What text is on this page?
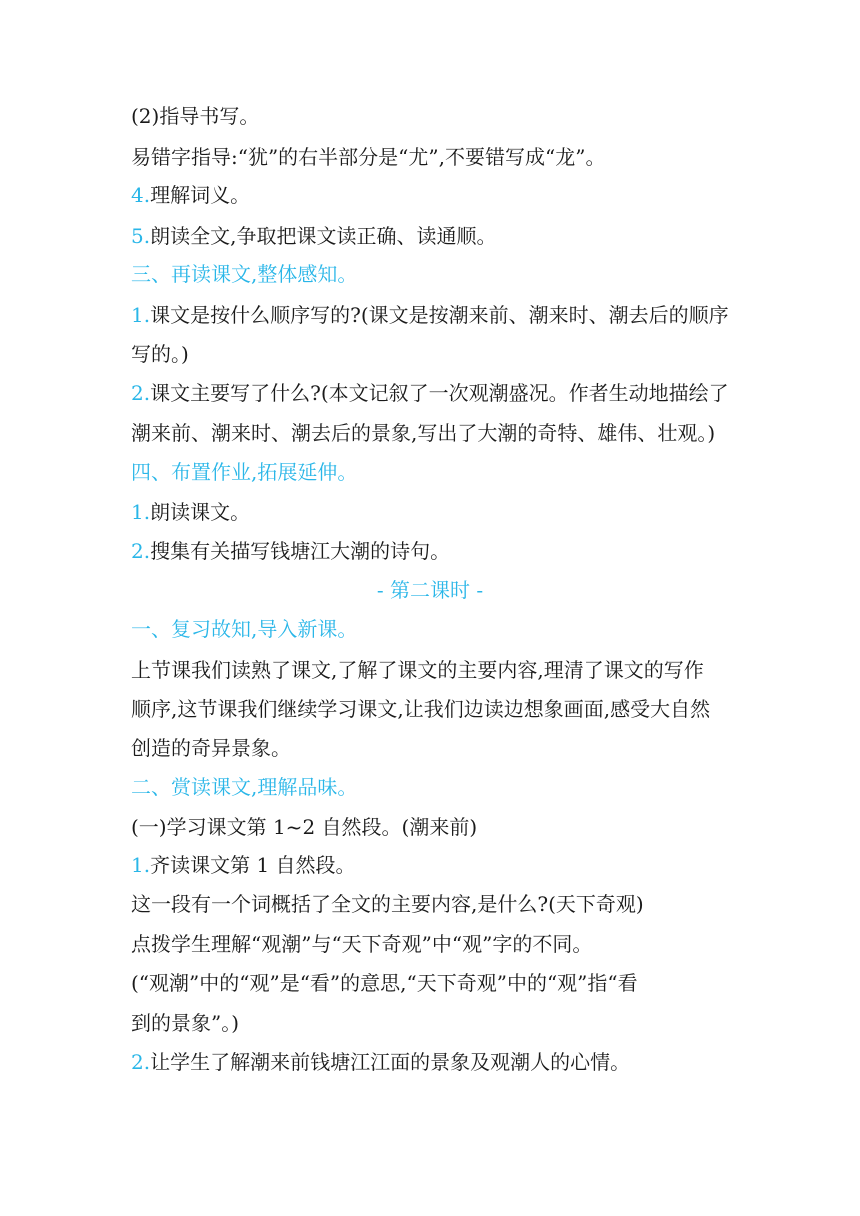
(2)指导书写。
易错字指导:“犹”的右半部分是“尤”,不要错写成“龙”。
4.理解词义。
5.朗读全文,争取把课文读正确、读通顺。
三、再读课文,整体感知。
1.课文是按什么顺序写的?(课文是按潮来前、潮来时、潮去后的顺序
写的。)
2.课文主要写了什么?(本文记叙了一次观潮盛况。作者生动地描绘了
潮来前、潮来时、潮去后的景象,写出了大潮的奇特、雄伟、壮观。)
四、布置作业,拓展延伸。
1.朗读课文。
2.搜集有关描写钱塘江大潮的诗句。
- 第二课时 -
一、复习故知,导入新课。
上节课我们读熟了课文,了解了课文的主要内容,理清了课文的写作
顺序,这节课我们继续学习课文,让我们边读边想象画面,感受大自然
创造的奇异景象。
二、赏读课文,理解品味。
(一)学习课文第 1~2 自然段。(潮来前)
1.齐读课文第 1 自然段。
这一段有一个词概括了全文的主要内容,是什么?(天下奇观)
点拨学生理解“观潮”与“天下奇观”中“观”字的不同。
(“观潮”中的“观”是“看”的意思,“天下奇观”中的“观”指“看
到的景象”。)
2.让学生了解潮来前钱塘江江面的景象及观潮人的心情。
